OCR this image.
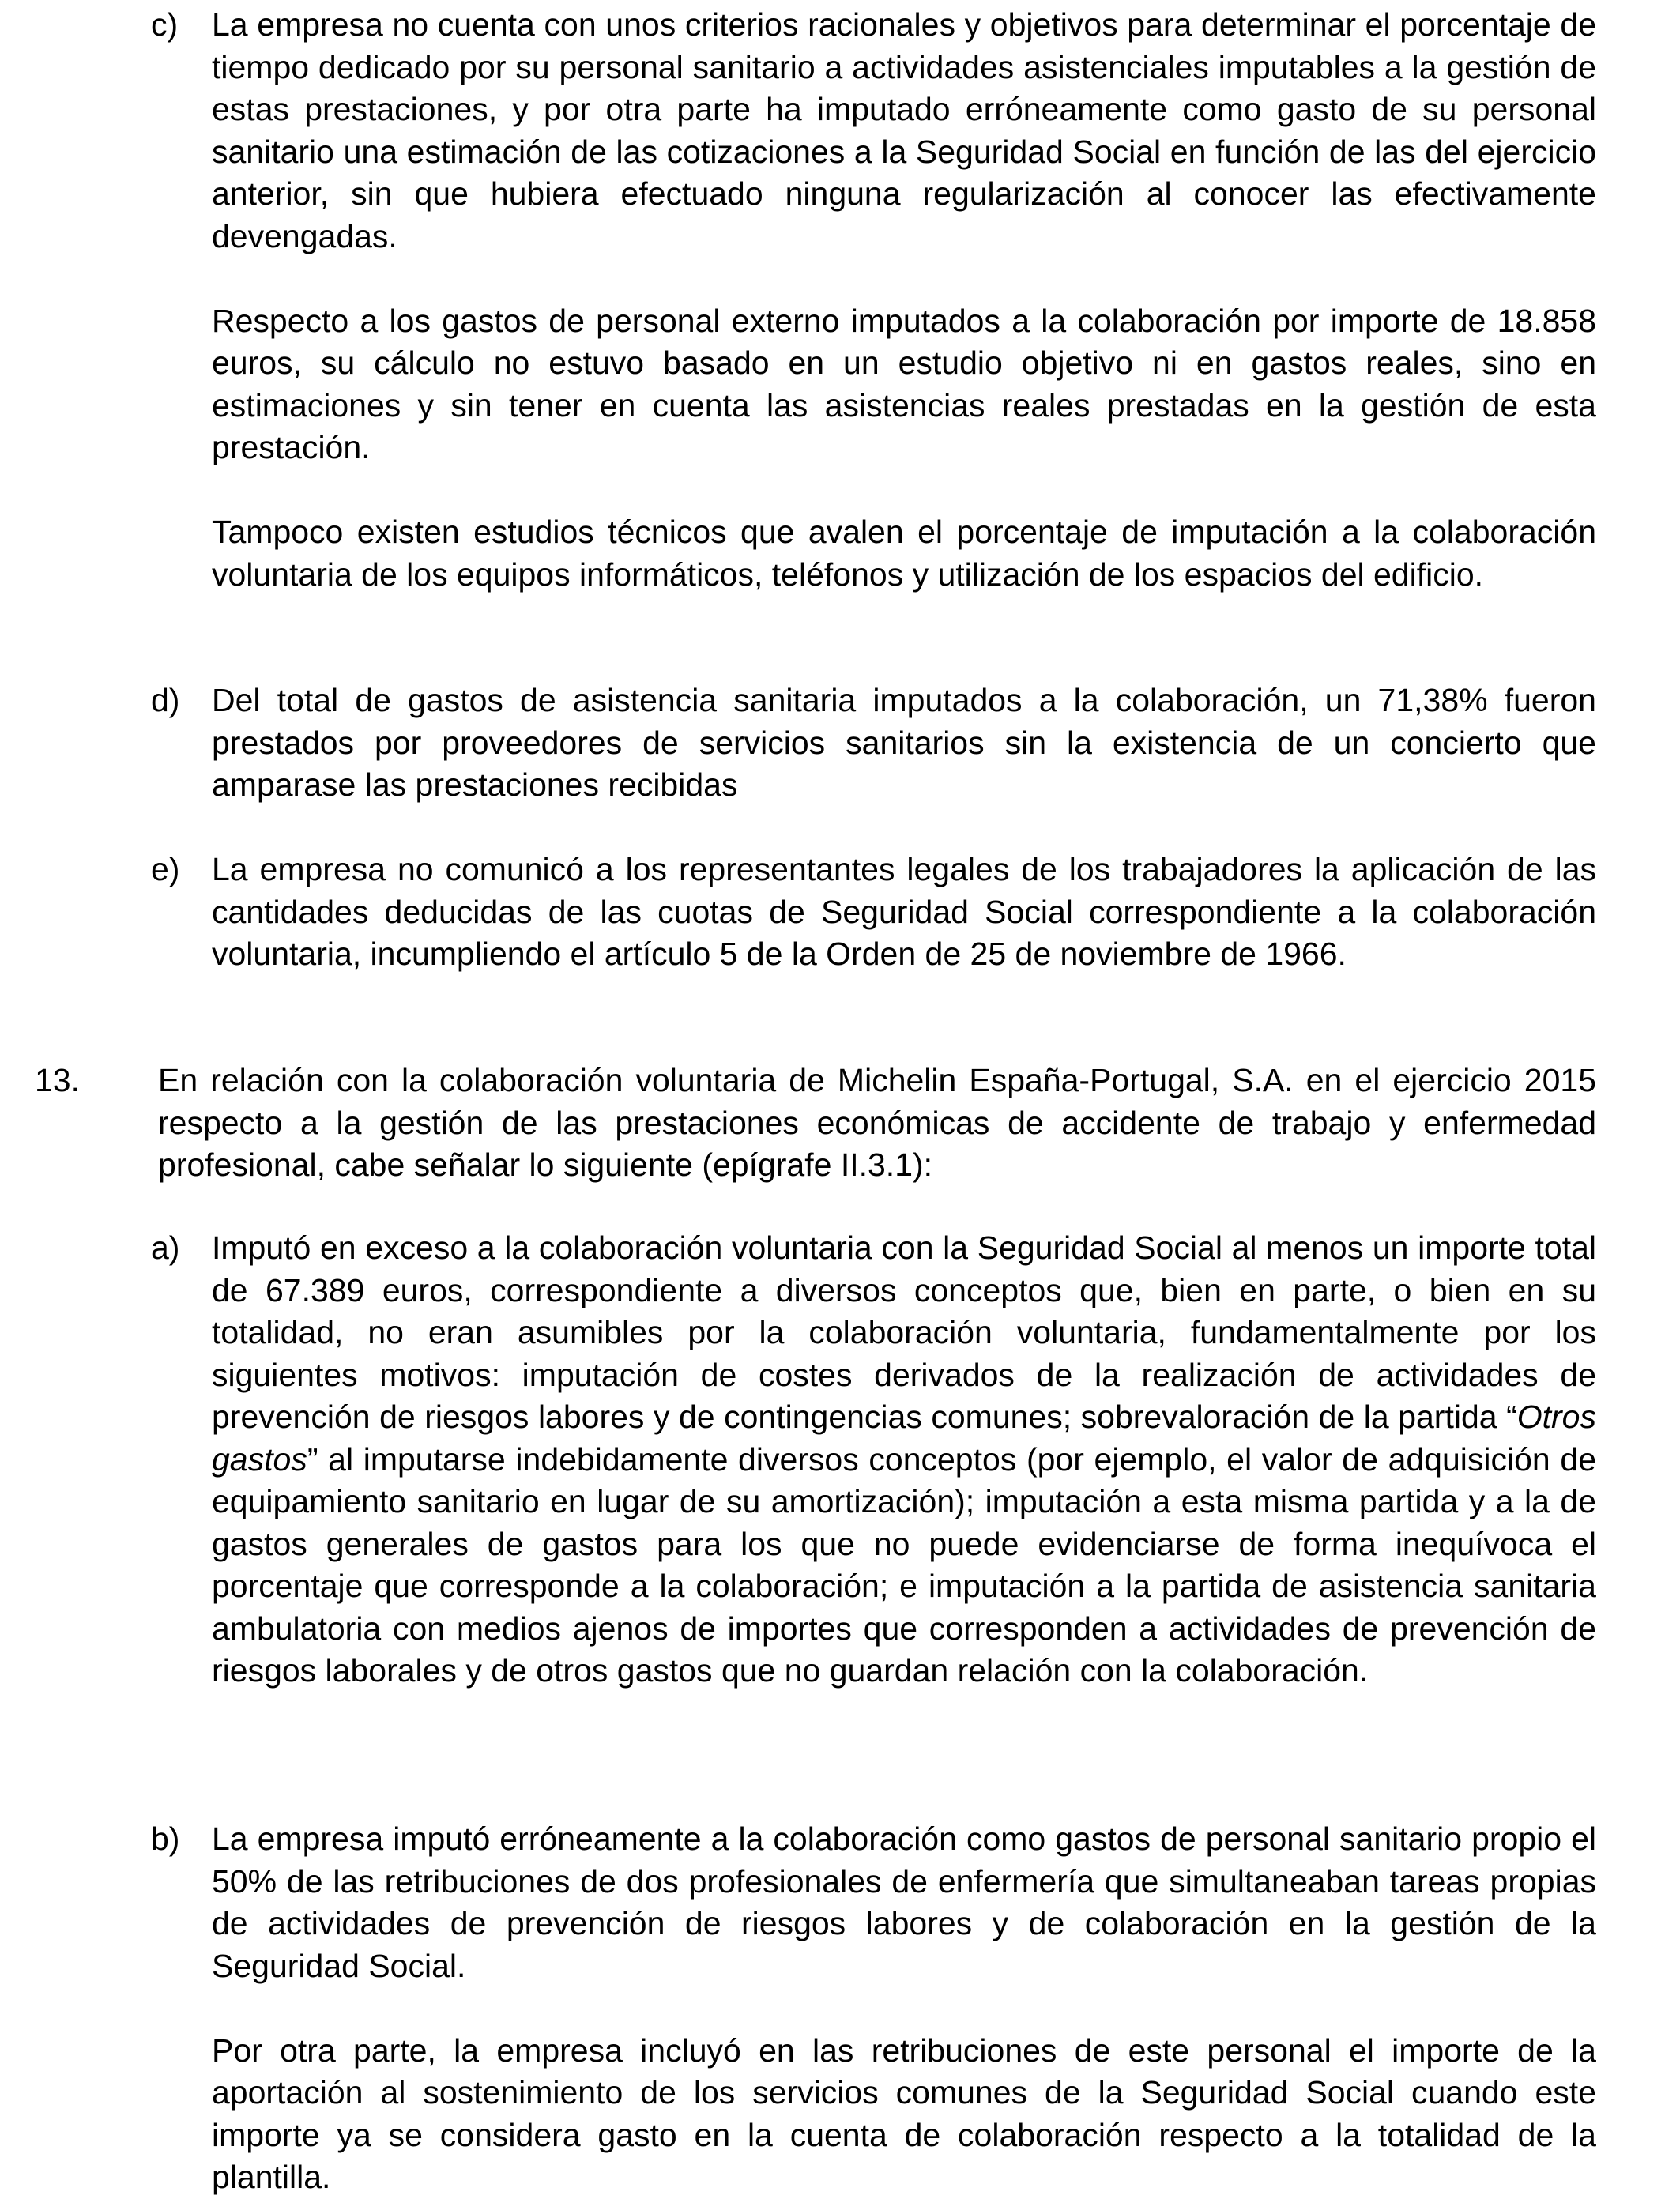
c) La empresa no cuenta con unos criterios racionales y objetivos para determinar el porcentaje de tiempo dedicado por su personal sanitario a actividades asistenciales imputables a la gestión de estas prestaciones, y por otra parte ha imputado erróneamente como gasto de su personal sanitario una estimación de las cotizaciones a la Seguridad Social en función de las del ejercicio anterior, sin que hubiera efectuado ninguna regularización al conocer las efectivamente devengadas.

Respecto a los gastos de personal externo imputados a la colaboración por importe de 18.858 euros, su cálculo no estuvo basado en un estudio objetivo ni en gastos reales, sino en estimaciones y sin tener en cuenta las asistencias reales prestadas en la gestión de esta prestación.

Tampoco existen estudios técnicos que avalen el porcentaje de imputación a la colaboración voluntaria de los equipos informáticos, teléfonos y utilización de los espacios del edificio.

d) Del total de gastos de asistencia sanitaria imputados a la colaboración, un 71,38% fueron prestados por proveedores de servicios sanitarios sin la existencia de un concierto que amparase las prestaciones recibidas

e) La empresa no comunicó a los representantes legales de los trabajadores la aplicación de las cantidades deducidas de las cuotas de Seguridad Social correspondiente a la colaboración voluntaria, incumpliendo el artículo 5 de la Orden de 25 de noviembre de 1966.

13. En relación con la colaboración voluntaria de Michelin España-Portugal, S.A. en el ejercicio 2015 respecto a la gestión de las prestaciones económicas de accidente de trabajo y enfermedad profesional, cabe señalar lo siguiente (epígrafe II.3.1):

a) Imputó en exceso a la colaboración voluntaria con la Seguridad Social al menos un importe total de 67.389 euros, correspondiente a diversos conceptos que, bien en parte, o bien en su totalidad, no eran asumibles por la colaboración voluntaria, fundamentalmente por los siguientes motivos: imputación de costes derivados de la realización de actividades de prevención de riesgos labores y de contingencias comunes; sobrevaloración de la partida “Otros gastos” al imputarse indebidamente diversos conceptos (por ejemplo, el valor de adquisición de equipamiento sanitario en lugar de su amortización); imputación a esta misma partida y a la de gastos generales de gastos para los que no puede evidenciarse de forma inequívoca el porcentaje que corresponde a la colaboración; e imputación a la partida de asistencia sanitaria ambulatoria con medios ajenos de importes que corresponden a actividades de prevención de riesgos laborales y de otros gastos que no guardan relación con la colaboración.

b) La empresa imputó erróneamente a la colaboración como gastos de personal sanitario propio el 50% de las retribuciones de dos profesionales de enfermería que simultaneaban tareas propias de actividades de prevención de riesgos labores y de colaboración en la gestión de la Seguridad Social.

Por otra parte, la empresa incluyó en las retribuciones de este personal el importe de la aportación al sostenimiento de los servicios comunes de la Seguridad Social cuando este importe ya se considera gasto en la cuenta de colaboración respecto a la totalidad de la plantilla.
